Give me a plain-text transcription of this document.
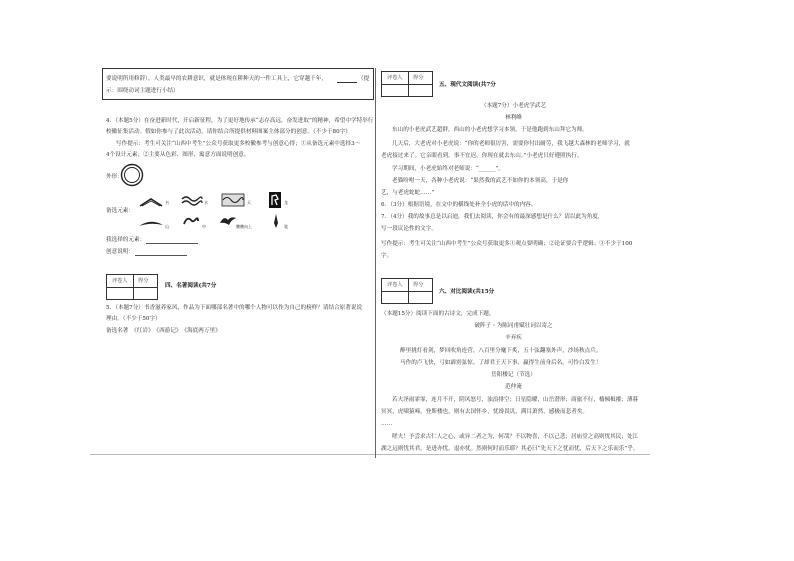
要说明所用修辞）。人类最早的农耕意识，就是体现在耕种天的一件工具上，它穿越千年，	（提
示：围绕动词主题进行小结）
4．（本题5分）在奋进新时代，开启新征程，为了更好地传承“志存高远，奋发进取”的精神，希望中学特举行
校徽征集活动。假如你参与了此次活动，请你结合所提供材料图案主体部分的创意。（不少于80字）
写作提示：考生可关注“山西中考生”公众号获取更多校徽参考与创意心得；①从备选元素中选择3～
4个设计元素；②主要从色彩、图形、寓意方面说明创意。
外形：
备选元素：
书	水	天	龙
山	中	鹏鹏向上	笔
我选择的元素：
创意说明：
评卷人 得分
四、名著阅读(共7分
5．（本题7分）书香滋养家风，作品为下面哪部名著中的哪个人物可以作为自己的榜样？请结合原著说说
理由。（不少于50字）
备选名著　《红岩》　《西游记》　《海底两万里》
评卷人 得分
五、现代文阅读(共7分
（本题7分）小老虎学武艺
林利峰
东山的小老虎武艺超群，西山的小老虎想学习本领，于是他跑到东山拜它为师。
几天后，大老虎对小老虎说：“你的老师很厉害，需要你付出耐劳，我飞越大森林的老师学习，就
老虎接过来了。它亲眼看到，事不宜迟，你现在就去东山。”小老虎只好遵照执行。
学习期间，小老虎始终对老师说：“______”。
老猫吩咐一天，各种小老虎说：“果然我的武艺不如你的本领高，于是你
艺，与老虎蛇蛇……”
6．（3分）根据语境，在文中的横线处补全小虎的话中的内容。
7．（4分）我的故事总是以启迪，我们去阅读，你会有的最深感想是什么？请以此为角度，
写一段议论性的文字。
写作提示：考生可关注“山西中考生”公众号获取更多①观点要明确；②论证要合乎逻辑；③不少于100
字。
评卷人 得分
六、对比阅读(共15分
（本题15分）阅读下面的古诗文，完成下题。
破阵子・为陈同甫赋壮词以寄之
辛弃疾
醉里挑灯看剑，梦回吹角连营。八百里分麾下炙，五十弦翻塞外声，沙场秋点兵。
马作的卢飞快，弓如霹雳弦惊。了却君王天下事，赢得生前身后名。可怜白发生！
岳阳楼记（节选）
范仲淹
若夫淫雨霏霏，连月不开，阴风怒号，浊浪排空；日星隐曜，山岳潜形；商旅不行，樯倾楫摧；薄暮
冥冥，虎啸猿啼。登斯楼也，则有去国怀乡，忧谗畏讥，满目萧然，感极而悲者矣。
……
嗟夫！予尝求古仁人之心，或异二者之为，何哉？不以物喜，不以己悲；居庙堂之高则忧其民；处江
湖之远则忧其君。是进亦忧，退亦忧。然则何时而乐耶？其必曰“先天下之忧而忧，后天下之乐而乐”乎。
